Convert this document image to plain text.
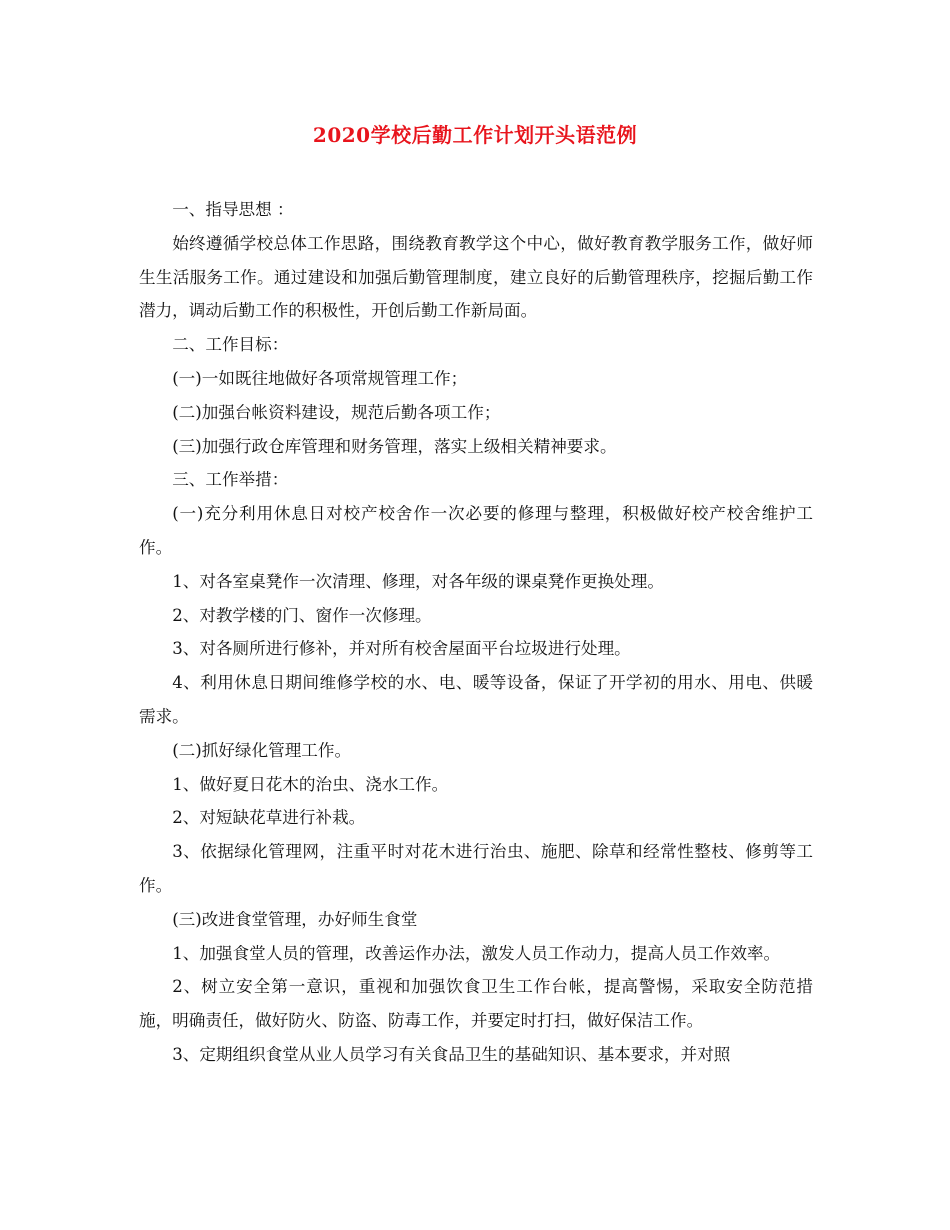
2020学校后勤工作计划开头语范例

一、指导思想 ：

始终遵循学校总体工作思路，围绕教育教学这个中心，做好教育教学服务工作，做好师生生活服务工作。通过建设和加强后勤管理制度，建立良好的后勤管理秩序，挖掘后勤工作潜力，调动后勤工作的积极性，开创后勤工作新局面。

二、工作目标：

(一)一如既往地做好各项常规管理工作；

(二)加强台帐资料建设，规范后勤各项工作；

(三)加强行政仓库管理和财务管理，落实上级相关精神要求。

三、工作举措：

(一)充分利用休息日对校产校舍作一次必要的修理与整理，积极做好校产校舍维护工作。

1、对各室桌凳作一次清理、修理，对各年级的课桌凳作更换处理。

2、对教学楼的门、窗作一次修理。

3、对各厕所进行修补，并对所有校舍屋面平台垃圾进行处理。

4、利用休息日期间维修学校的水、电、暖等设备，保证了开学初的用水、用电、供暖需求。

(二)抓好绿化管理工作。

1、做好夏日花木的治虫、浇水工作。

2、对短缺花草进行补栽。

3、依据绿化管理网，注重平时对花木进行治虫、施肥、除草和经常性整枝、修剪等工作。

(三)改进食堂管理，办好师生食堂

1、加强食堂人员的管理，改善运作办法，激发人员工作动力，提高人员工作效率。

2、树立安全第一意识，重视和加强饮食卫生工作台帐，提高警惕，采取安全防范措施，明确责任，做好防火、防盗、防毒工作，并要定时打扫，做好保洁工作。

3、定期组织食堂从业人员学习有关食品卫生的基础知识、基本要求，并对照
